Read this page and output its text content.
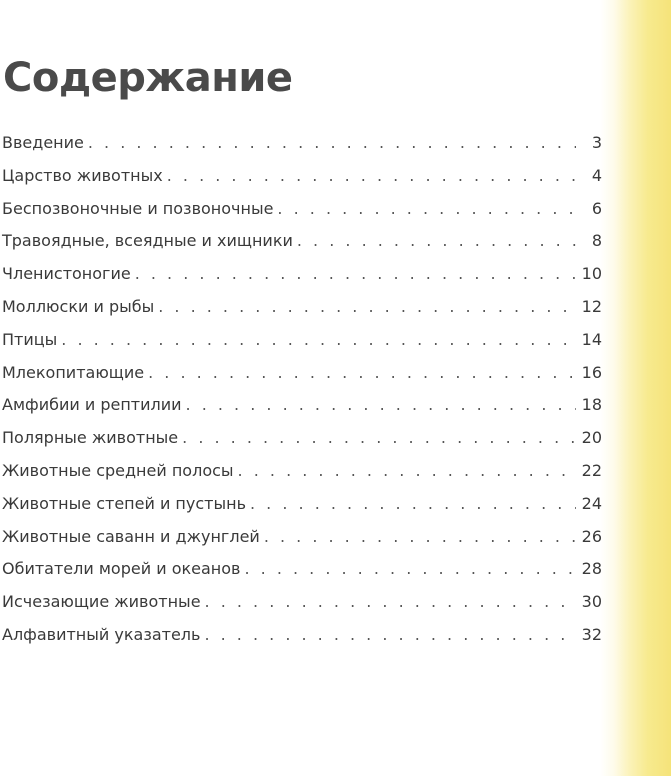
Содержание
Введение . . .	3
Царство животных . . .	4
Беспозвоночные и позвоночные . . .	6
Травоядные, всеядные и хищники . . .	8
Членистоногие . . .	10
Моллюски и рыбы . . .	12
Птицы . . .	14
Млекопитающие . . .	16
Амфибии и рептилии . . .	18
Полярные животные . . .	20
Животные средней полосы . . .	22
Животные степей и пустынь . . .	24
Животные саванн и джунглей . . .	26
Обитатели морей и океанов . . .	28
Исчезающие животные . . .	30
Алфавитный указатель . . .	32
